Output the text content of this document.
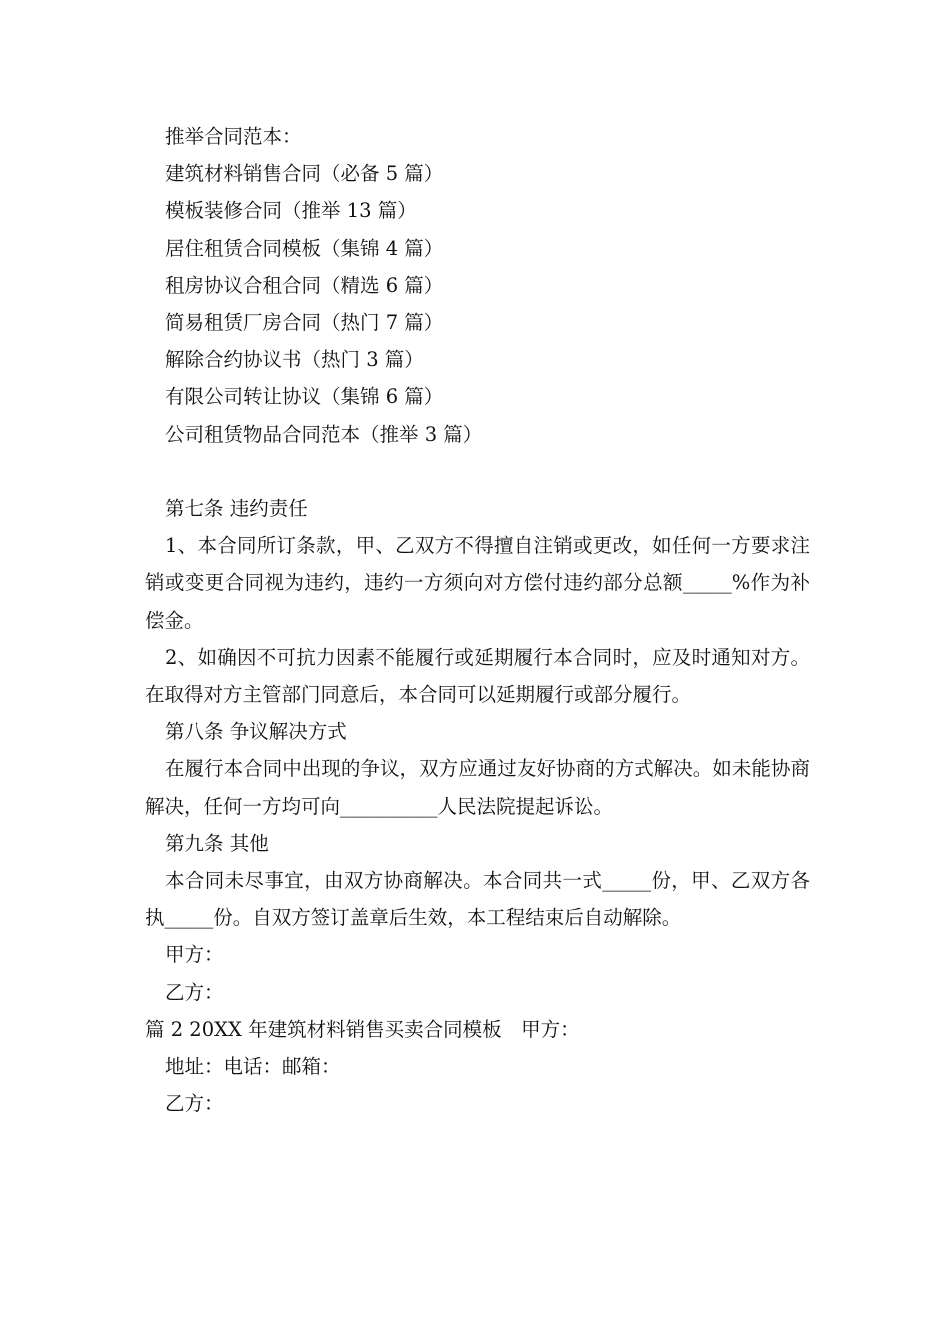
推举合同范本：
建筑材料销售合同（必备 5 篇）
模板装修合同（推举 13 篇）
居住租赁合同模板（集锦 4 篇）
租房协议合租合同（精选 6 篇）
简易租赁厂房合同（热门 7 篇）
解除合约协议书（热门 3 篇）
有限公司转让协议（集锦 6 篇）
公司租赁物品合同范本（推举 3 篇）
第七条 违约责任
1、本合同所订条款，甲、乙双方不得擅自注销或更改，如任何一方要求注销或变更合同视为违约，违约一方须向对方偿付违约部分总额_____%作为补偿金。
2、如确因不可抗力因素不能履行或延期履行本合同时，应及时通知对方。在取得对方主管部门同意后，本合同可以延期履行或部分履行。
第八条 争议解决方式
在履行本合同中出现的争议，双方应通过友好协商的方式解决。如未能协商解决，任何一方均可向__________人民法院提起诉讼。
第九条 其他
本合同未尽事宜，由双方协商解决。本合同共一式_____份，甲、乙双方各执_____份。自双方签订盖章后生效，本工程结束后自动解除。
甲方：
乙方：
篇 2 20XX 年建筑材料销售买卖合同模板　甲方：
地址：电话：邮箱：
乙方：
